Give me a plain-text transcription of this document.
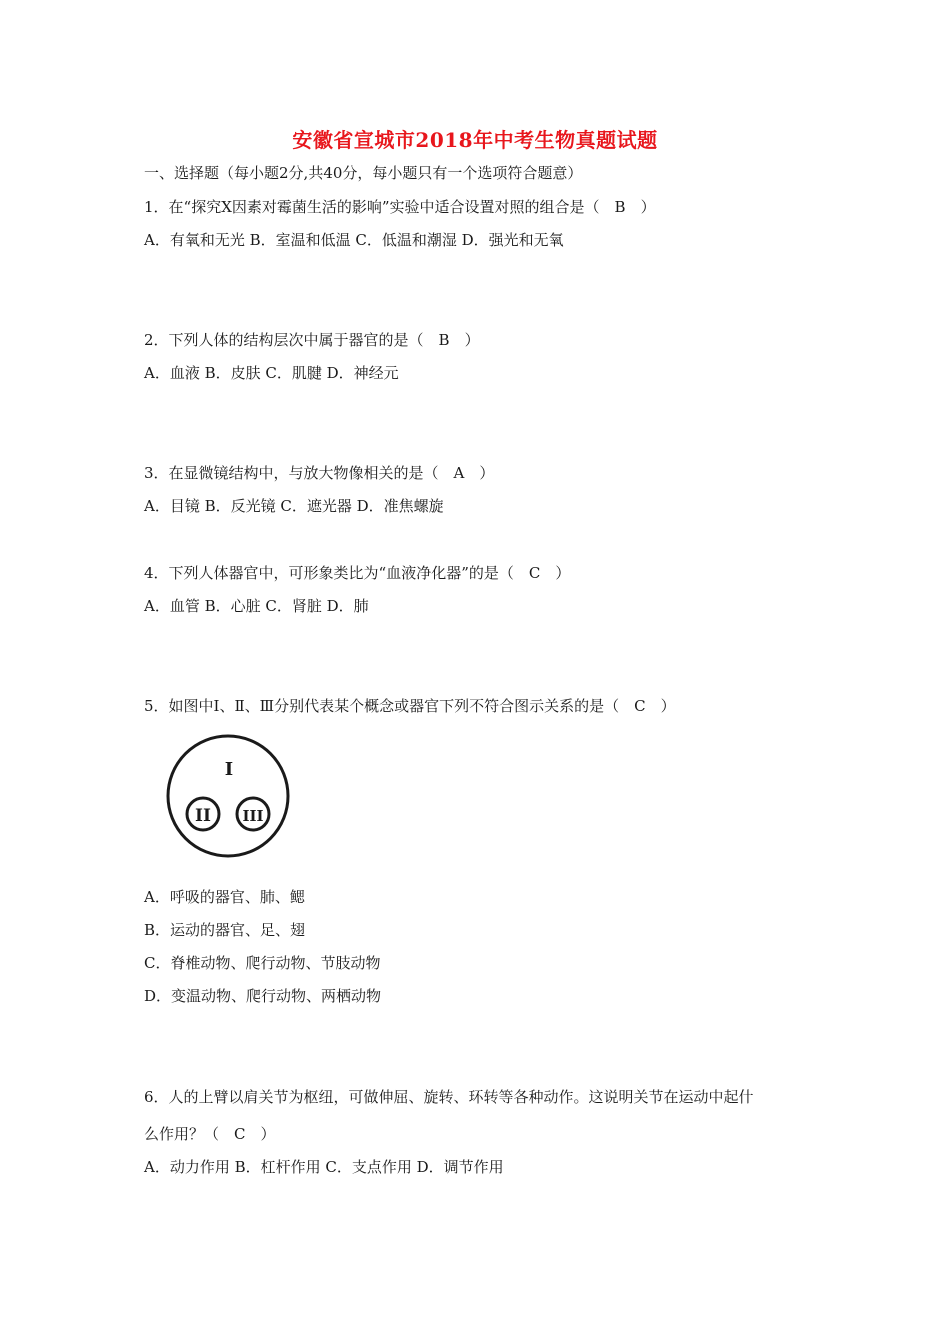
安徽省宣城市2018年中考生物真题试题
一、选择题（每小题2分,共40分，每小题只有一个选项符合题意）
1．在“探究X因素对霉菌生活的影响”实验中适合设置对照的组合是（　B　）
A．有氧和无光 B．室温和低温 C．低温和潮湿 D．强光和无氧
2．下列人体的结构层次中属于器官的是（　B　）
A．血液 B．皮肤 C．肌腱 D．神经元
3．在显微镜结构中，与放大物像相关的是（　A　）
A．目镜 B．反光镜 C．遮光器 D．准焦螺旋
4．下列人体器官中，可形象类比为“血液净化器”的是（　C　）
A．血管 B．心脏 C．肾脏 D．肺
5．如图中Ⅰ、Ⅱ、Ⅲ分别代表某个概念或器官下列不符合图示关系的是（　C　）
I
II III
A．呼吸的器官、肺、鳃
B．运动的器官、足、翅
C．脊椎动物、爬行动物、节肢动物
D．变温动物、爬行动物、两栖动物
6．人的上臂以肩关节为枢纽，可做伸屈、旋转、环转等各种动作。这说明关节在运动中起什
么作用？（　C　）
A．动力作用 B．杠杆作用 C．支点作用 D．调节作用
